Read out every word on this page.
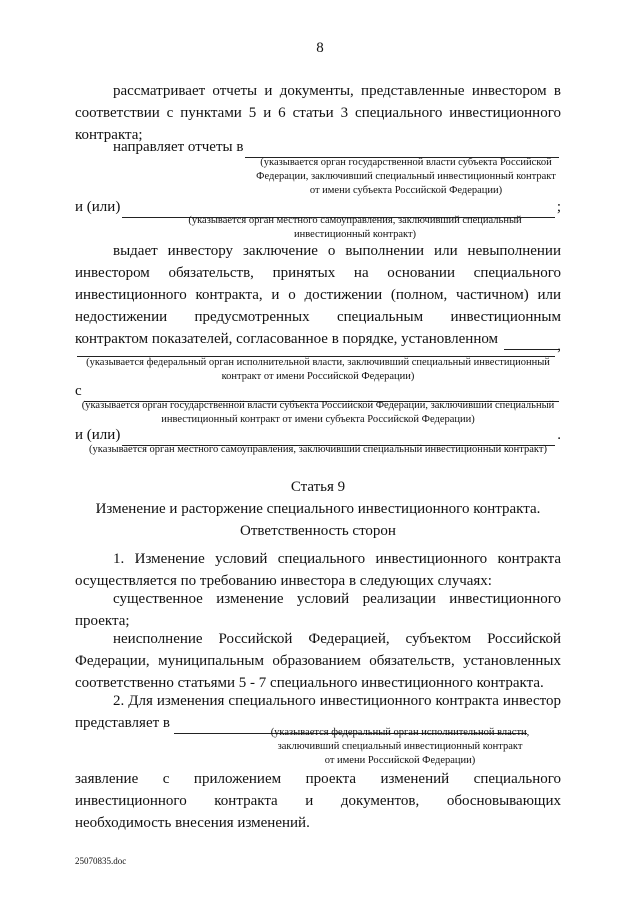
8
рассматривает отчеты и документы, представленные инвестором в
соответствии с пунктами 5 и 6 статьи 3 специального инвестиционного
контракта;
направляет отчеты в
(указывается орган государственной власти субъекта Российской
Федерации, заключивший специальный инвестиционный контракт
от имени субъекта Российской Федерации)
и (или)	;
(указывается орган местного самоуправления, заключивший специальный
инвестиционный контракт)
выдает инвестору заключение о выполнении или невыполнении
инвестором обязательств, принятых на основании специального
инвестиционного контракта, и о достижении (полном, частичном) или
недостижении предусмотренных специальным инвестиционным
контрактом показателей, согласованное в порядке, установленном	,
(указывается федеральный орган исполнительной власти, заключивший специальный инвестиционный
контракт от имени Российской Федерации)
с
(указывается орган государственной власти субъекта Российской Федерации, заключивший специальный
инвестиционный контракт от имени субъекта Российской Федерации)
и (или)	.
(указывается орган местного самоуправления, заключивший специальный инвестиционный контракт)
Статья 9
Изменение и расторжение специального инвестиционного контракта.
Ответственность сторон
1. Изменение условий специального инвестиционного контракта
осуществляется по требованию инвестора в следующих случаях:
существенное изменение условий реализации инвестиционного
проекта;
неисполнение Российской Федерацией, субъектом Российской
Федерации, муниципальным образованием обязательств, установленных
соответственно статьями 5 - 7 специального инвестиционного контракта.
2. Для изменения специального инвестиционного контракта инвестор
представляет в
(указывается федеральный орган исполнительной власти,
заключивший специальный инвестиционный контракт
от имени Российской Федерации)
заявление с приложением проекта изменений специального
инвестиционного контракта и документов, обосновывающих
необходимость внесения изменений.
25070835.doc
